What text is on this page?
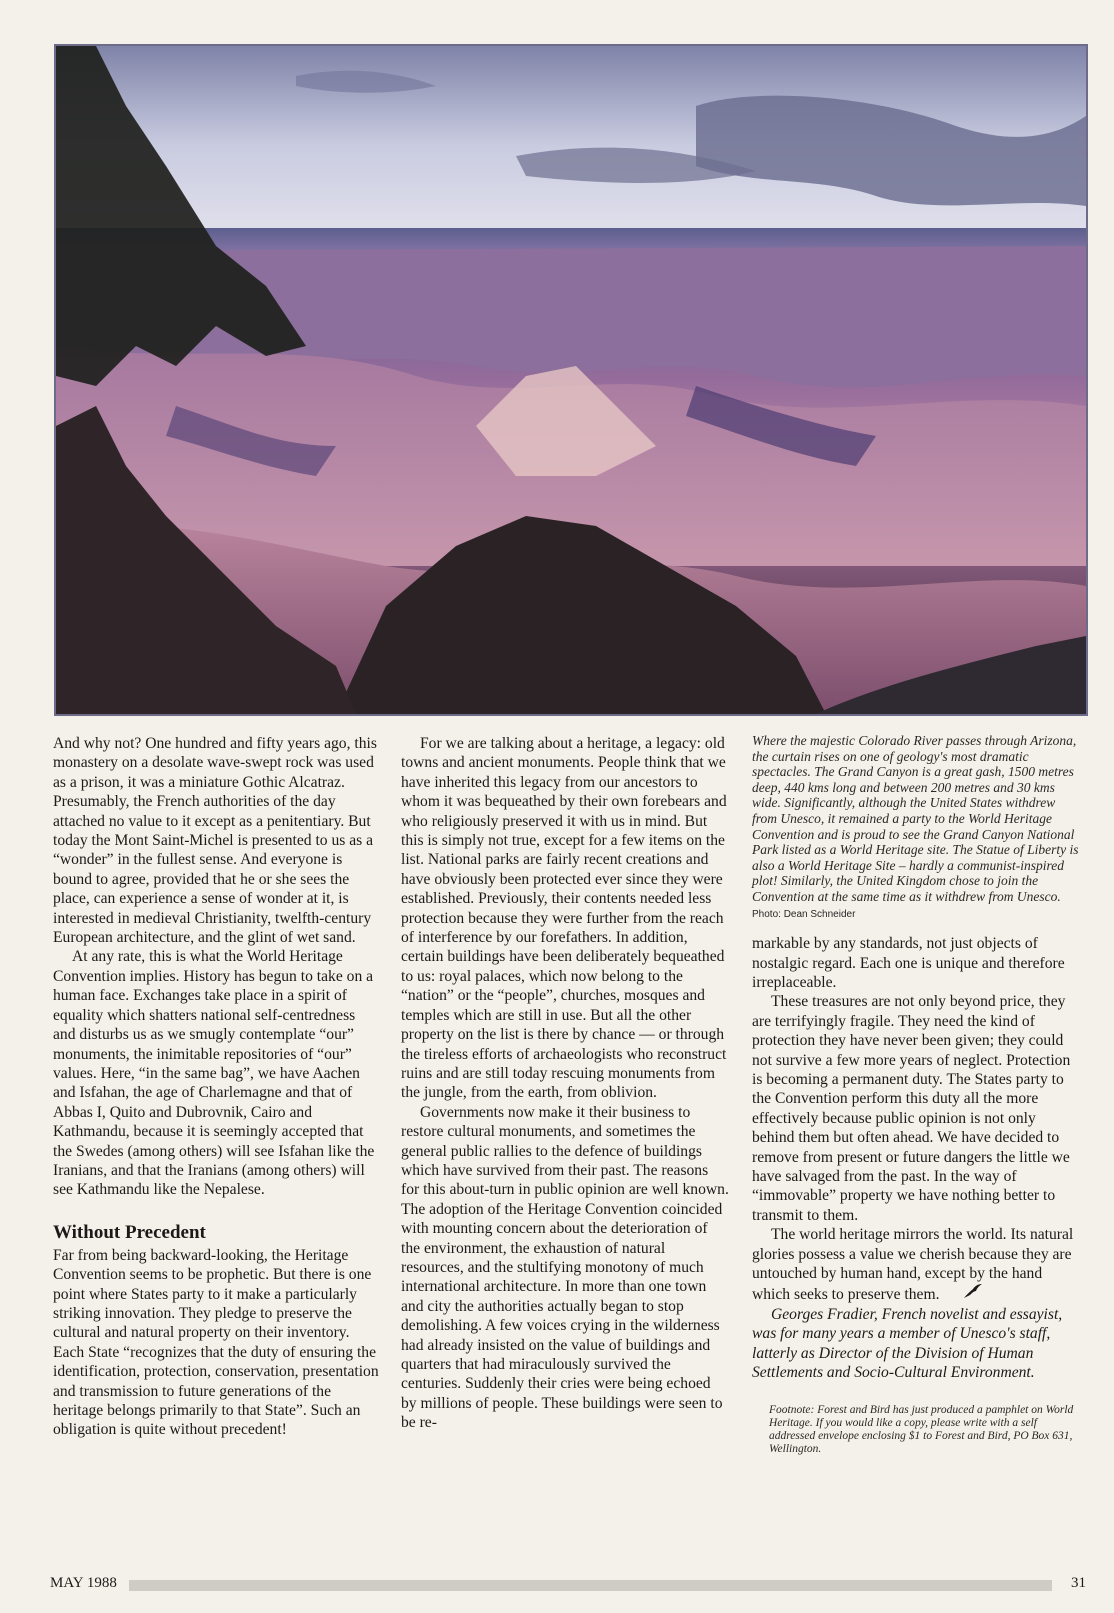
And why not? One hundred and fifty years ago, this monastery on a desolate wave-swept rock was used as a prison, it was a miniature Gothic Alcatraz. Presumably, the French authorities of the day attached no value to it except as a penitentiary. But today the Mont Saint-Michel is presented to us as a “wonder” in the fullest sense. And everyone is bound to agree, provided that he or she sees the place, can experience a sense of wonder at it, is interested in medieval Christianity, twelfth-century European architecture, and the glint of wet sand.

At any rate, this is what the World Heritage Convention implies. History has begun to take on a human face. Exchanges take place in a spirit of equality which shatters national self-centredness and disturbs us as we smugly contemplate “our” monuments, the inimitable repositories of “our” values. Here, “in the same bag”, we have Aachen and Isfahan, the age of Charlemagne and that of Abbas I, Quito and Dubrovnik, Cairo and Kathmandu, because it is seemingly accepted that the Swedes (among others) will see Isfahan like the Iranians, and that the Iranians (among others) will see Kathmandu like the Nepalese.

Without Precedent

Far from being backward-looking, the Heritage Convention seems to be prophetic. But there is one point where States party to it make a particularly striking innovation. They pledge to preserve the cultural and natural property on their inventory. Each State “recognizes that the duty of ensuring the identification, protection, conservation, presentation and transmission to future generations of the heritage belongs primarily to that State”. Such an obligation is quite without precedent!

For we are talking about a heritage, a legacy: old towns and ancient monuments. People think that we have inherited this legacy from our ancestors to whom it was bequeathed by their own forebears and who religiously preserved it with us in mind. But this is simply not true, except for a few items on the list. National parks are fairly recent creations and have obviously been protected ever since they were established. Previously, their contents needed less protection because they were further from the reach of interference by our forefathers. In addition, certain buildings have been deliberately bequeathed to us: royal palaces, which now belong to the “nation” or the “people”, churches, mosques and temples which are still in use. But all the other property on the list is there by chance — or through the tireless efforts of archaeologists who reconstruct ruins and are still today rescuing monuments from the jungle, from the earth, from oblivion.

Governments now make it their business to restore cultural monuments, and sometimes the general public rallies to the defence of buildings which have survived from their past. The reasons for this about-turn in public opinion are well known. The adoption of the Heritage Convention coincided with mounting concern about the deterioration of the environment, the exhaustion of natural resources, and the stultifying monotony of much international architecture. In more than one town and city the authorities actually began to stop demolishing. A few voices crying in the wilderness had already insisted on the value of buildings and quarters that had miraculously survived the centuries. Suddenly their cries were being echoed by millions of people. These buildings were seen to be re-

Where the majestic Colorado River passes through Arizona, the curtain rises on one of geology's most dramatic spectacles. The Grand Canyon is a great gash, 1500 metres deep, 440 kms long and between 200 metres and 30 kms wide. Significantly, although the United States withdrew from Unesco, it remained a party to the World Heritage Convention and is proud to see the Grand Canyon National Park listed as a World Heritage site. The Statue of Liberty is also a World Heritage Site – hardly a communist-inspired plot! Similarly, the United Kingdom chose to join the Convention at the same time as it withdrew from Unesco. Photo: Dean Schneider

markable by any standards, not just objects of nostalgic regard. Each one is unique and therefore irreplaceable.

These treasures are not only beyond price, they are terrifyingly fragile. They need the kind of protection they have never been given; they could not survive a few more years of neglect. Protection is becoming a permanent duty. The States party to the Convention perform this duty all the more effectively because public opinion is not only behind them but often ahead. We have decided to remove from present or future dangers the little we have salvaged from the past. In the way of “immovable” property we have nothing better to transmit to them.

The world heritage mirrors the world. Its natural glories possess a value we cherish because they are untouched by human hand, except by the hand which seeks to preserve them.

Georges Fradier, French novelist and essayist, was for many years a member of Unesco's staff, latterly as Director of the Division of Human Settlements and Socio-Cultural Environment.

Footnote: Forest and Bird has just produced a pamphlet on World Heritage. If you would like a copy, please write with a self addressed envelope enclosing $1 to Forest and Bird, PO Box 631, Wellington.
MAY 1988	31
